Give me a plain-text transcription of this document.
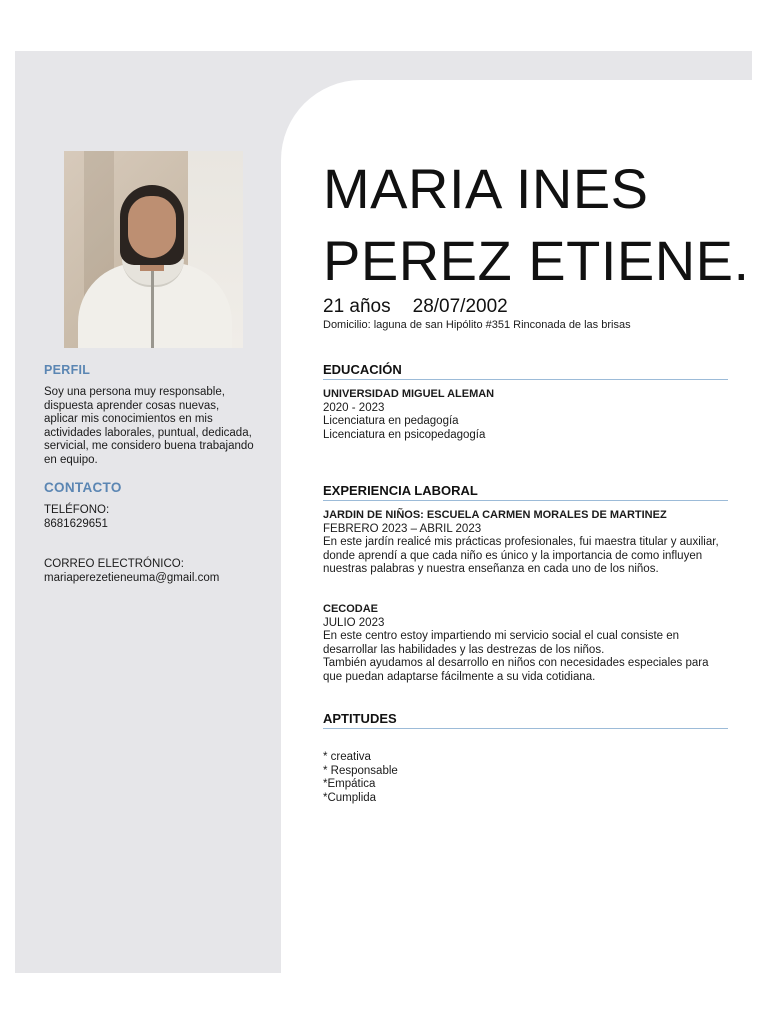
PERFIL

Soy una persona muy responsable, dispuesta aprender cosas nuevas, aplicar mis conocimientos en mis actividades laborales, puntual, dedicada, servicial, me considero buena trabajando en equipo.

CONTACTO
TELÉFONO:
8681629651
CORREO ELECTRÓNICO:
mariaperezetieneuma@gmail.com
MARIA INES
PEREZ ETIENE.
21 años 28/07/2002
Domicilio: laguna de san Hipólito #351 Rinconada de las brisas
EDUCACIÓN
UNIVERSIDAD MIGUEL ALEMAN
2020 - 2023
Licenciatura en pedagogía
Licenciatura en psicopedagogía
EXPERIENCIA LABORAL
JARDIN DE NIÑOS: ESCUELA CARMEN MORALES DE MARTINEZ
FEBRERO 2023 – ABRIL 2023
En este jardín realicé mis prácticas profesionales, fui maestra titular y auxiliar, donde aprendí a que cada niño es único y la importancia de como influyen nuestras palabras y nuestra enseñanza en cada uno de los niños.
CECODAE
JULIO 2023
En este centro estoy impartiendo mi servicio social el cual consiste en desarrollar las habilidades y las destrezas de los niños.
También ayudamos al desarrollo en niños con necesidades especiales para que puedan adaptarse fácilmente a su vida cotidiana.
APTITUDES
* creativa
* Responsable
*Empática
*Cumplida
